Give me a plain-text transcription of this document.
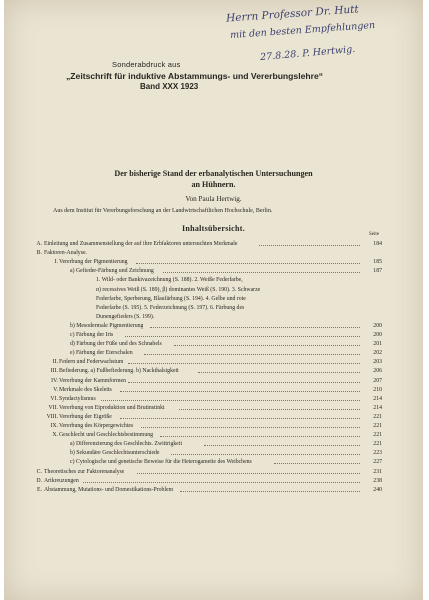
Herrn Professor Dr. Hutt
mit den besten Empfehlungen
27.8.28. P. Hertwig.
Sonderabdruck aus
„Zeitschrift für induktive Abstammungs- und Vererbungslehre“
Band XXX 1923
Der bisherige Stand der erbanalytischen Untersuchungen
an Hühnern.
Von Paula Hertwig.
Aus dem Institut für Vererbungsforschung an der Landwirtschaftlichen Hochschule, Berlin.
Inhaltsübersicht.
Seite
A. Einleitung und Zusammenstellung der auf ihre Erbfaktoren untersuchten Merkmale	184
B. Faktoren-Analyse.
I. Vererbung der Pigmentierung	185
a) Gefieder-Färbung und Zeichnung	187
1. Wild- oder Bankivazeichnung (S. 188). 2. Weiße Federfarbe,
α) recessives Weiß (S. 189), β) dominantes Weiß (S. 190). 3. Schwarze
Federfarbe, Sperberung, Blaufärbung (S. 194). 4. Gelbe und rote
Federfarbe (S. 195). 5. Federzeichnung (S. 197). 6. Färbung des
Dunengefieders (S. 199).
b) Mesodermale Pigmentierung	200
c) Färbung der Iris	200
d) Färbung der Füße und des Schnabels	201
e) Färbung der Eierschalen	202
II. Federn und Federwachstum	203
III. Befiederung. a) Fußbefiederung. b) Nackthalsigkeit	206
IV. Vererbung der Kammformen	207
V. Merkmale des Skeletts	210
VI. Syndactylismus	214
VII. Vererbung von Eiproduktion und Brutinstinkt	214
VIII. Vererbung der Eigröße	221
IX. Vererbung des Körpergewichtes	221
X. Geschlecht und Geschlechtsbestimmung	221
a) Differenzierung des Geschlechts. Zwittrigkeit	221
b) Sekundäre Geschlechtsunterschiede	223
c) Cytologische und genetische Beweise für die Heterogametie des Weibchens	227
C. Theoretisches zur Faktorenanalyse	231
D. Artkreuzungen	238
E. Abstammung, Mutations- und Domestikations-Problem	240
